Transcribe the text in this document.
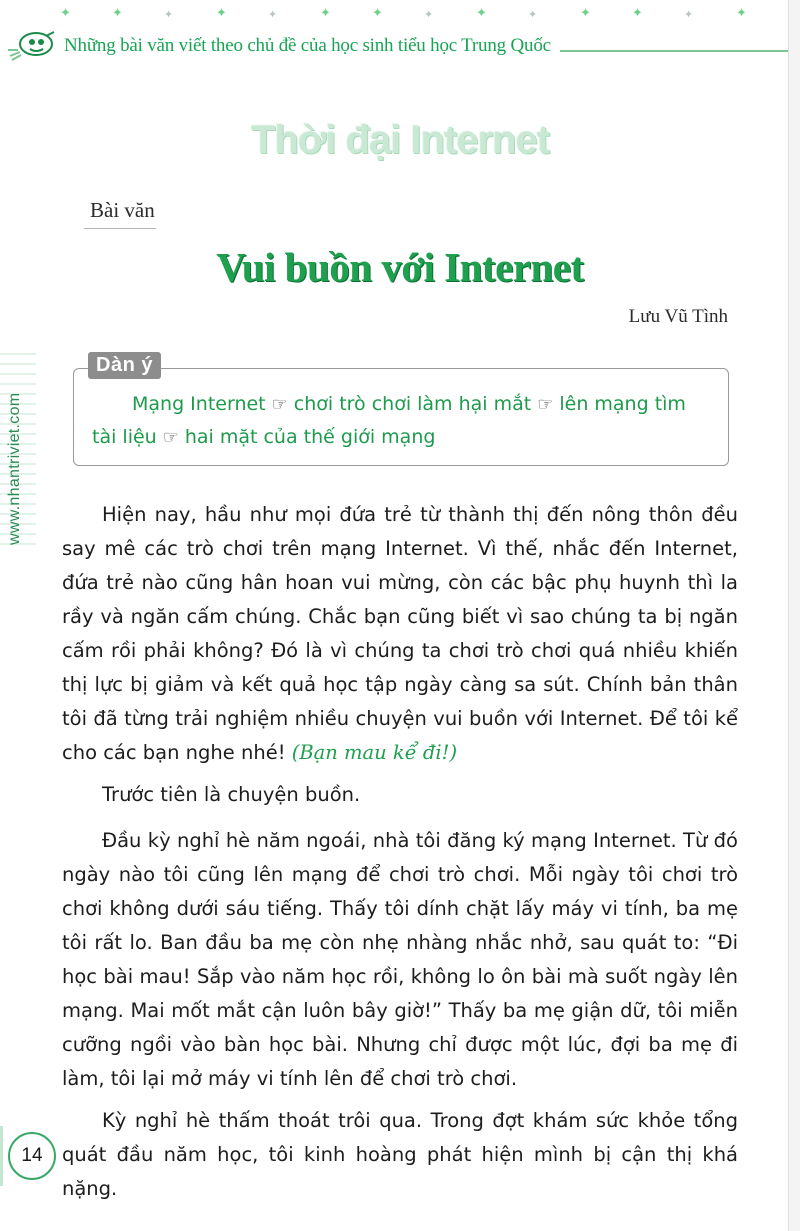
✦	✦	✦	✦	✦	✦	✦	✦	✦	✦	✦	✦	✦	✦
Những bài văn viết theo chủ đề của học sinh tiểu học Trung Quốc
www.nhantriviet.com
Thời đại Internet
Bài văn
Vui buồn với Internet
Lưu Vũ Tình
Dàn ý
Mạng Internet ☞ chơi trò chơi làm hại mắt ☞ lên mạng tìm tài liệu ☞ hai mặt của thế giới mạng

Hiện nay, hầu như mọi đứa trẻ từ thành thị đến nông thôn đều say mê các trò chơi trên mạng Internet. Vì thế, nhắc đến Internet, đứa trẻ nào cũng hân hoan vui mừng, còn các bậc phụ huynh thì la rầy và ngăn cấm chúng. Chắc bạn cũng biết vì sao chúng ta bị ngăn cấm rồi phải không? Đó là vì chúng ta chơi trò chơi quá nhiều khiến thị lực bị giảm và kết quả học tập ngày càng sa sút. Chính bản thân tôi đã từng trải nghiệm nhiều chuyện vui buồn với Internet. Để tôi kể cho các bạn nghe nhé! (Bạn mau kể đi!)

Trước tiên là chuyện buồn.

Đầu kỳ nghỉ hè năm ngoái, nhà tôi đăng ký mạng Internet. Từ đó ngày nào tôi cũng lên mạng để chơi trò chơi. Mỗi ngày tôi chơi trò chơi không dưới sáu tiếng. Thấy tôi dính chặt lấy máy vi tính, ba mẹ tôi rất lo. Ban đầu ba mẹ còn nhẹ nhàng nhắc nhở, sau quát to: “Đi học bài mau! Sắp vào năm học rồi, không lo ôn bài mà suốt ngày lên mạng. Mai mốt mắt cận luôn bây giờ!” Thấy ba mẹ giận dữ, tôi miễn cưỡng ngồi vào bàn học bài. Nhưng chỉ được một lúc, đợi ba mẹ đi làm, tôi lại mở máy vi tính lên để chơi trò chơi.

Kỳ nghỉ hè thấm thoát trôi qua. Trong đợt khám sức khỏe tổng quát đầu năm học, tôi kinh hoàng phát hiện mình bị cận thị khá nặng.

14
